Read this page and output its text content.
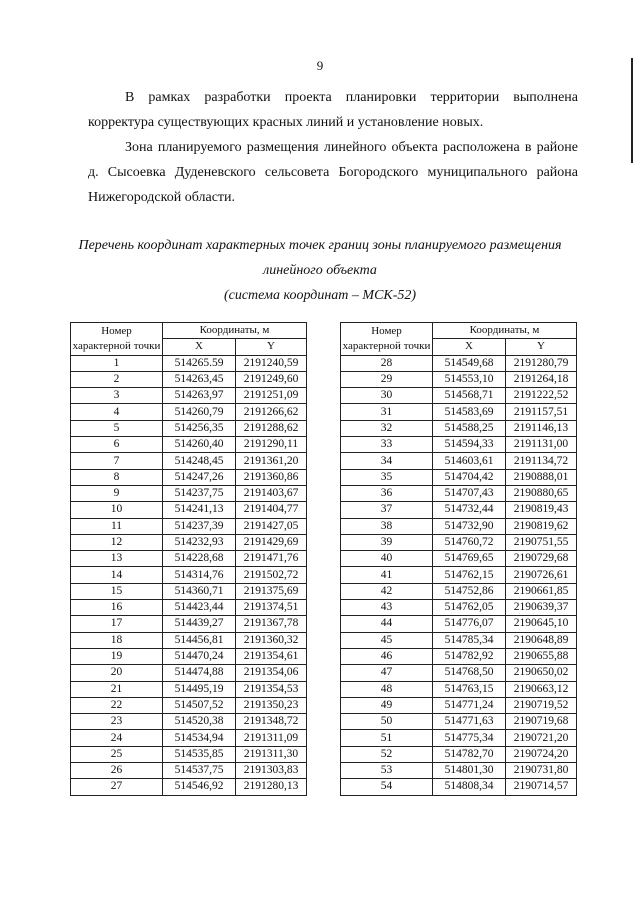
9
В рамках разработки проекта планировки территории выполнена корректура существующих красных линий и установление новых.
Зона планируемого размещения линейного объекта расположена в районе д. Сысоевка Дуденевского сельсовета Богородского муниципального района Нижегородской области.
Перечень координат характерных точек границ зоны планируемого размещения
линейного объекта
(система координат – МСК-52)
Номер характерной точки	Координаты, м	
	X	Y
1	514265.59	2191240,59
2	514263,45	2191249,60
3	514263,97	2191251,09
4	514260,79	2191266,62
5	514256,35	2191288,62
6	514260,40	2191290,11
7	514248,45	2191361,20
8	514247,26	2191360,86
9	514237,75	2191403,67
10	514241,13	2191404,77
11	514237,39	2191427,05
12	514232,93	2191429,69
13	514228,68	2191471,76
14	514314,76	2191502,72
15	514360,71	2191375,69
16	514423,44	2191374,51
17	514439,27	2191367,78
18	514456,81	2191360,32
19	514470,24	2191354,61
20	514474,88	2191354,06
21	514495,19	2191354,53
22	514507,52	2191350,23
23	514520,38	2191348,72
24	514534,94	2191311,09
25	514535,85	2191311,30
26	514537,75	2191303,83
27	514546,92	2191280,13
Номер характерной точки	Координаты, м	
	X	Y
28	514549,68	2191280,79
29	514553,10	2191264,18
30	514568,71	2191222,52
31	514583,69	2191157,51
32	514588,25	2191146,13
33	514594,33	2191131,00
34	514603,61	2191134,72
35	514704,42	2190888,01
36	514707,43	2190880,65
37	514732,44	2190819,43
38	514732,90	2190819,62
39	514760,72	2190751,55
40	514769,65	2190729,68
41	514762,15	2190726,61
42	514752,86	2190661,85
43	514762,05	2190639,37
44	514776,07	2190645,10
45	514785,34	2190648,89
46	514782,92	2190655,88
47	514768,50	2190650,02
48	514763,15	2190663,12
49	514771,24	2190719,52
50	514771,63	2190719,68
51	514775,34	2190721,20
52	514782,70	2190724,20
53	514801,30	2190731,80
54	514808,34	2190714,57
